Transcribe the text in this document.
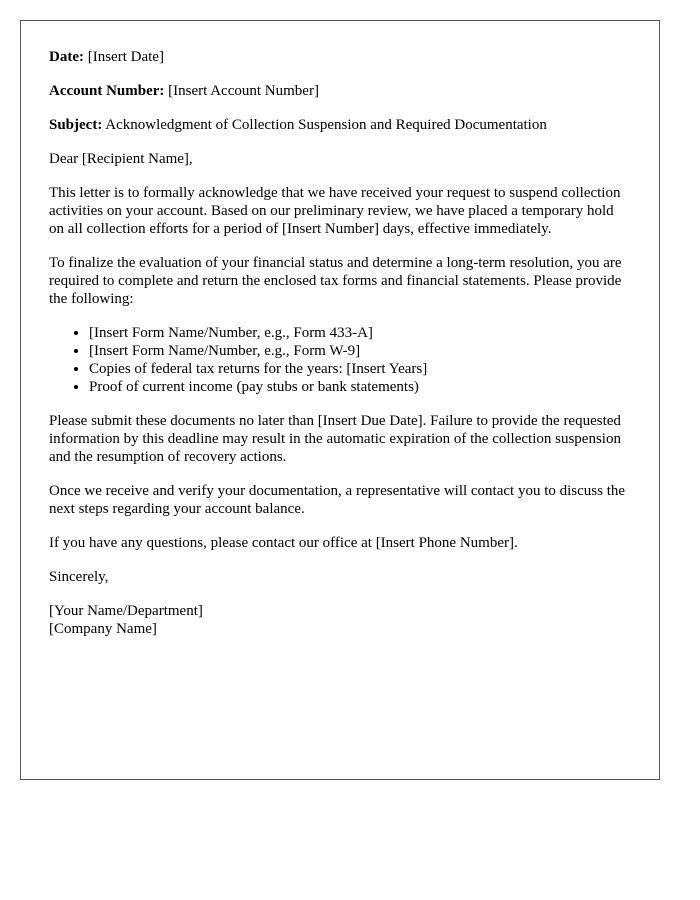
Date: [Insert Date]
Account Number: [Insert Account Number]
Subject: Acknowledgment of Collection Suspension and Required Documentation

Dear [Recipient Name],

This letter is to formally acknowledge that we have received your request to suspend collection activities on your account. Based on our preliminary review, we have placed a temporary hold on all collection efforts for a period of [Insert Number] days, effective immediately.

To finalize the evaluation of your financial status and determine a long-term resolution, you are required to complete and return the enclosed tax forms and financial statements. Please provide the following:

• [Insert Form Name/Number, e.g., Form 433-A]
• [Insert Form Name/Number, e.g., Form W-9]
• Copies of federal tax returns for the years: [Insert Years]
• Proof of current income (pay stubs or bank statements)

Please submit these documents no later than [Insert Due Date]. Failure to provide the requested information by this deadline may result in the automatic expiration of the collection suspension and the resumption of recovery actions.

Once we receive and verify your documentation, a representative will contact you to discuss the next steps regarding your account balance.

If you have any questions, please contact our office at [Insert Phone Number].

Sincerely,

[Your Name/Department]
[Company Name]
